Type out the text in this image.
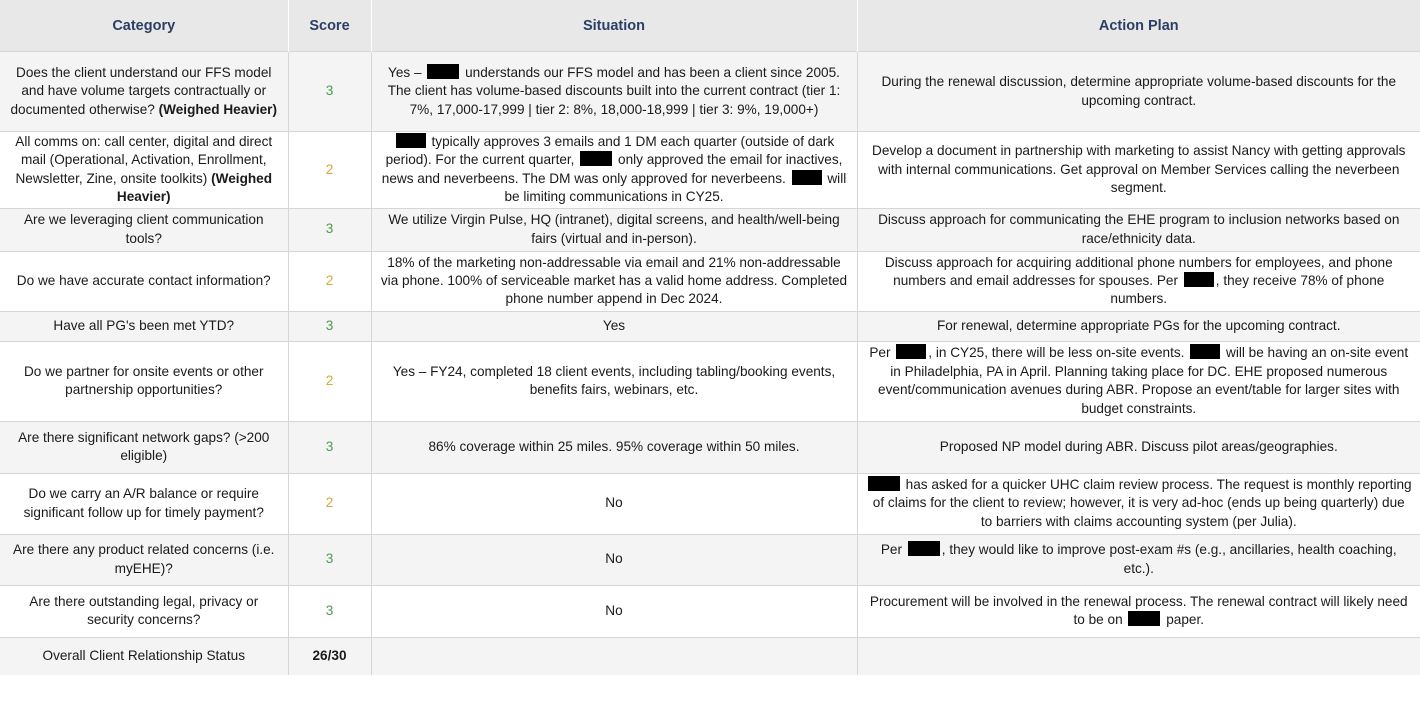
Category	Score	Situation	Action Plan
Does the client understand our FFS model and have volume targets contractually or documented otherwise? (Weighed Heavier)	3	Yes – understands our FFS model and has been a client since 2005. The client has volume-based discounts built into the current contract (tier 1: 7%, 17,000-17,999 | tier 2: 8%, 18,000-18,999 | tier 3: 9%, 19,000+)	During the renewal discussion, determine appropriate volume-based discounts for the upcoming contract.
All comms on: call center, digital and direct mail (Operational, Activation, Enrollment, Newsletter, Zine, onsite toolkits) (Weighed Heavier)	2	typically approves 3 emails and 1 DM each quarter (outside of dark period). For the current quarter, only approved the email for inactives, news and neverbeens. The DM was only approved for neverbeens. will be limiting communications in CY25.	Develop a document in partnership with marketing to assist Nancy with getting approvals with internal communications. Get approval on Member Services calling the neverbeen segment.
Are we leveraging client communication tools?	3	We utilize Virgin Pulse, HQ (intranet), digital screens, and health/well-being fairs (virtual and in-person).	Discuss approach for communicating the EHE program to inclusion networks based on race/ethnicity data.
Do we have accurate contact information?	2	18% of the marketing non-addressable via email and 21% non-addressable via phone. 100% of serviceable market has a valid home address. Completed phone number append in Dec 2024.	Discuss approach for acquiring additional phone numbers for employees, and phone numbers and email addresses for spouses. Per , they receive 78% of phone numbers.
Have all PG's been met YTD?	3	Yes	For renewal, determine appropriate PGs for the upcoming contract.
Do we partner for onsite events or other partnership opportunities?	2	Yes – FY24, completed 18 client events, including tabling/booking events, benefits fairs, webinars, etc.	Per , in CY25, there will be less on-site events. will be having an on-site event in Philadelphia, PA in April. Planning taking place for DC. EHE proposed numerous event/communication avenues during ABR. Propose an event/table for larger sites with budget constraints.
Are there significant network gaps? (>200 eligible)	3	86% coverage within 25 miles. 95% coverage within 50 miles.	Proposed NP model during ABR. Discuss pilot areas/geographies.
Do we carry an A/R balance or require significant follow up for timely payment?	2	No	has asked for a quicker UHC claim review process. The request is monthly reporting of claims for the client to review; however, it is very ad-hoc (ends up being quarterly) due to barriers with claims accounting system (per Julia).
Are there any product related concerns (i.e. myEHE)?	3	No	Per , they would like to improve post-exam #s (e.g., ancillaries, health coaching, etc.).
Are there outstanding legal, privacy or security concerns?	3	No	Procurement will be involved in the renewal process. The renewal contract will likely need to be on paper.
Overall Client Relationship Status	26/30		
